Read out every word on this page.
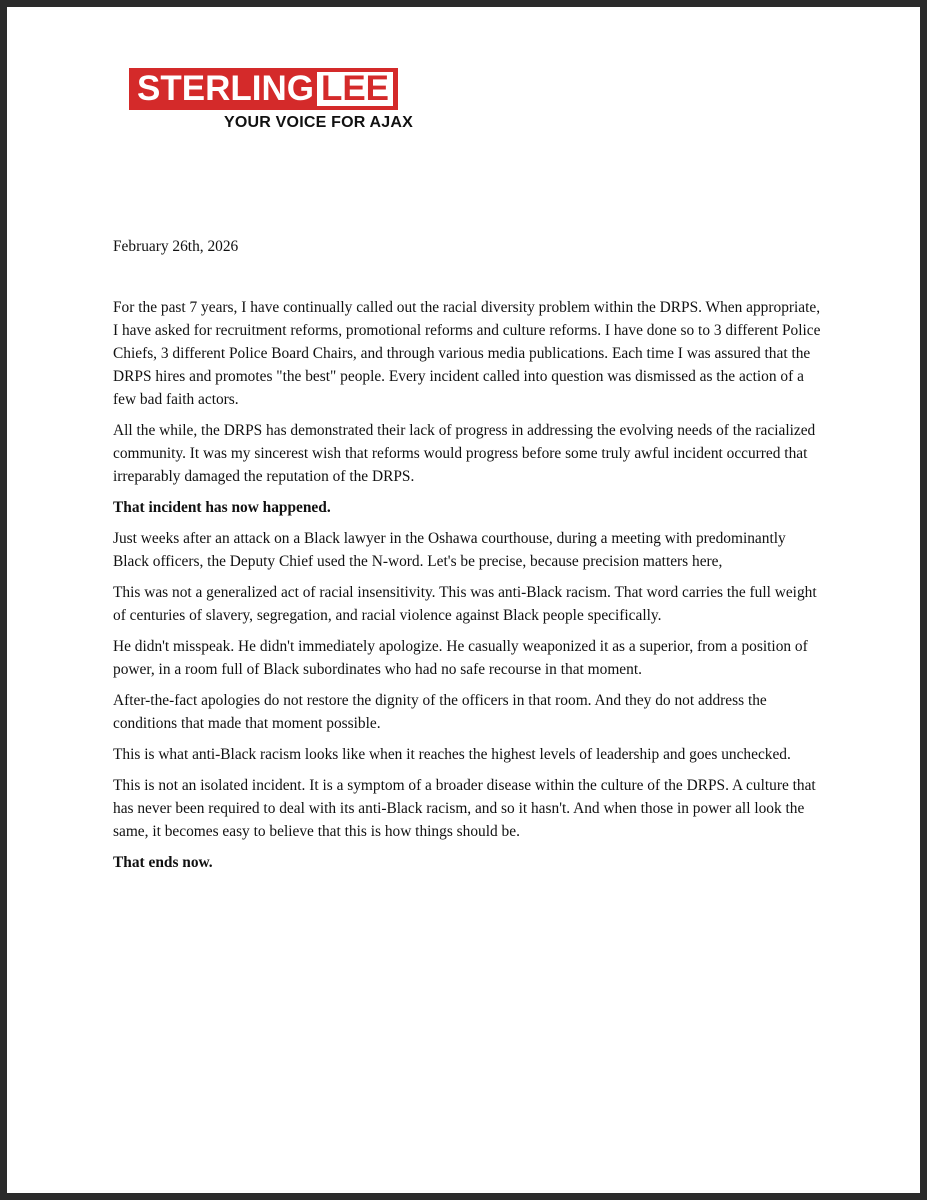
STERLING LEE
YOUR VOICE FOR AJAX

February 26th, 2026

For the past 7 years, I have continually called out the racial diversity problem within the DRPS. When appropriate, I have asked for recruitment reforms, promotional reforms and culture reforms. I have done so to 3 different Police Chiefs, 3 different Police Board Chairs, and through various media publications. Each time I was assured that the DRPS hires and promotes "the best" people. Every incident called into question was dismissed as the action of a few bad faith actors.

All the while, the DRPS has demonstrated their lack of progress in addressing the evolving needs of the racialized community. It was my sincerest wish that reforms would progress before some truly awful incident occurred that irreparably damaged the reputation of the DRPS.

That incident has now happened.

Just weeks after an attack on a Black lawyer in the Oshawa courthouse, during a meeting with predominantly Black officers, the Deputy Chief used the N-word. Let's be precise, because precision matters here,

This was not a generalized act of racial insensitivity. This was anti-Black racism. That word carries the full weight of centuries of slavery, segregation, and racial violence against Black people specifically.

He didn't misspeak. He didn't immediately apologize. He casually weaponized it as a superior, from a position of power, in a room full of Black subordinates who had no safe recourse in that moment.

After-the-fact apologies do not restore the dignity of the officers in that room. And they do not address the conditions that made that moment possible.

This is what anti-Black racism looks like when it reaches the highest levels of leadership and goes unchecked.

This is not an isolated incident. It is a symptom of a broader disease within the culture of the DRPS. A culture that has never been required to deal with its anti-Black racism, and so it hasn't. And when those in power all look the same, it becomes easy to believe that this is how things should be.

That ends now.
